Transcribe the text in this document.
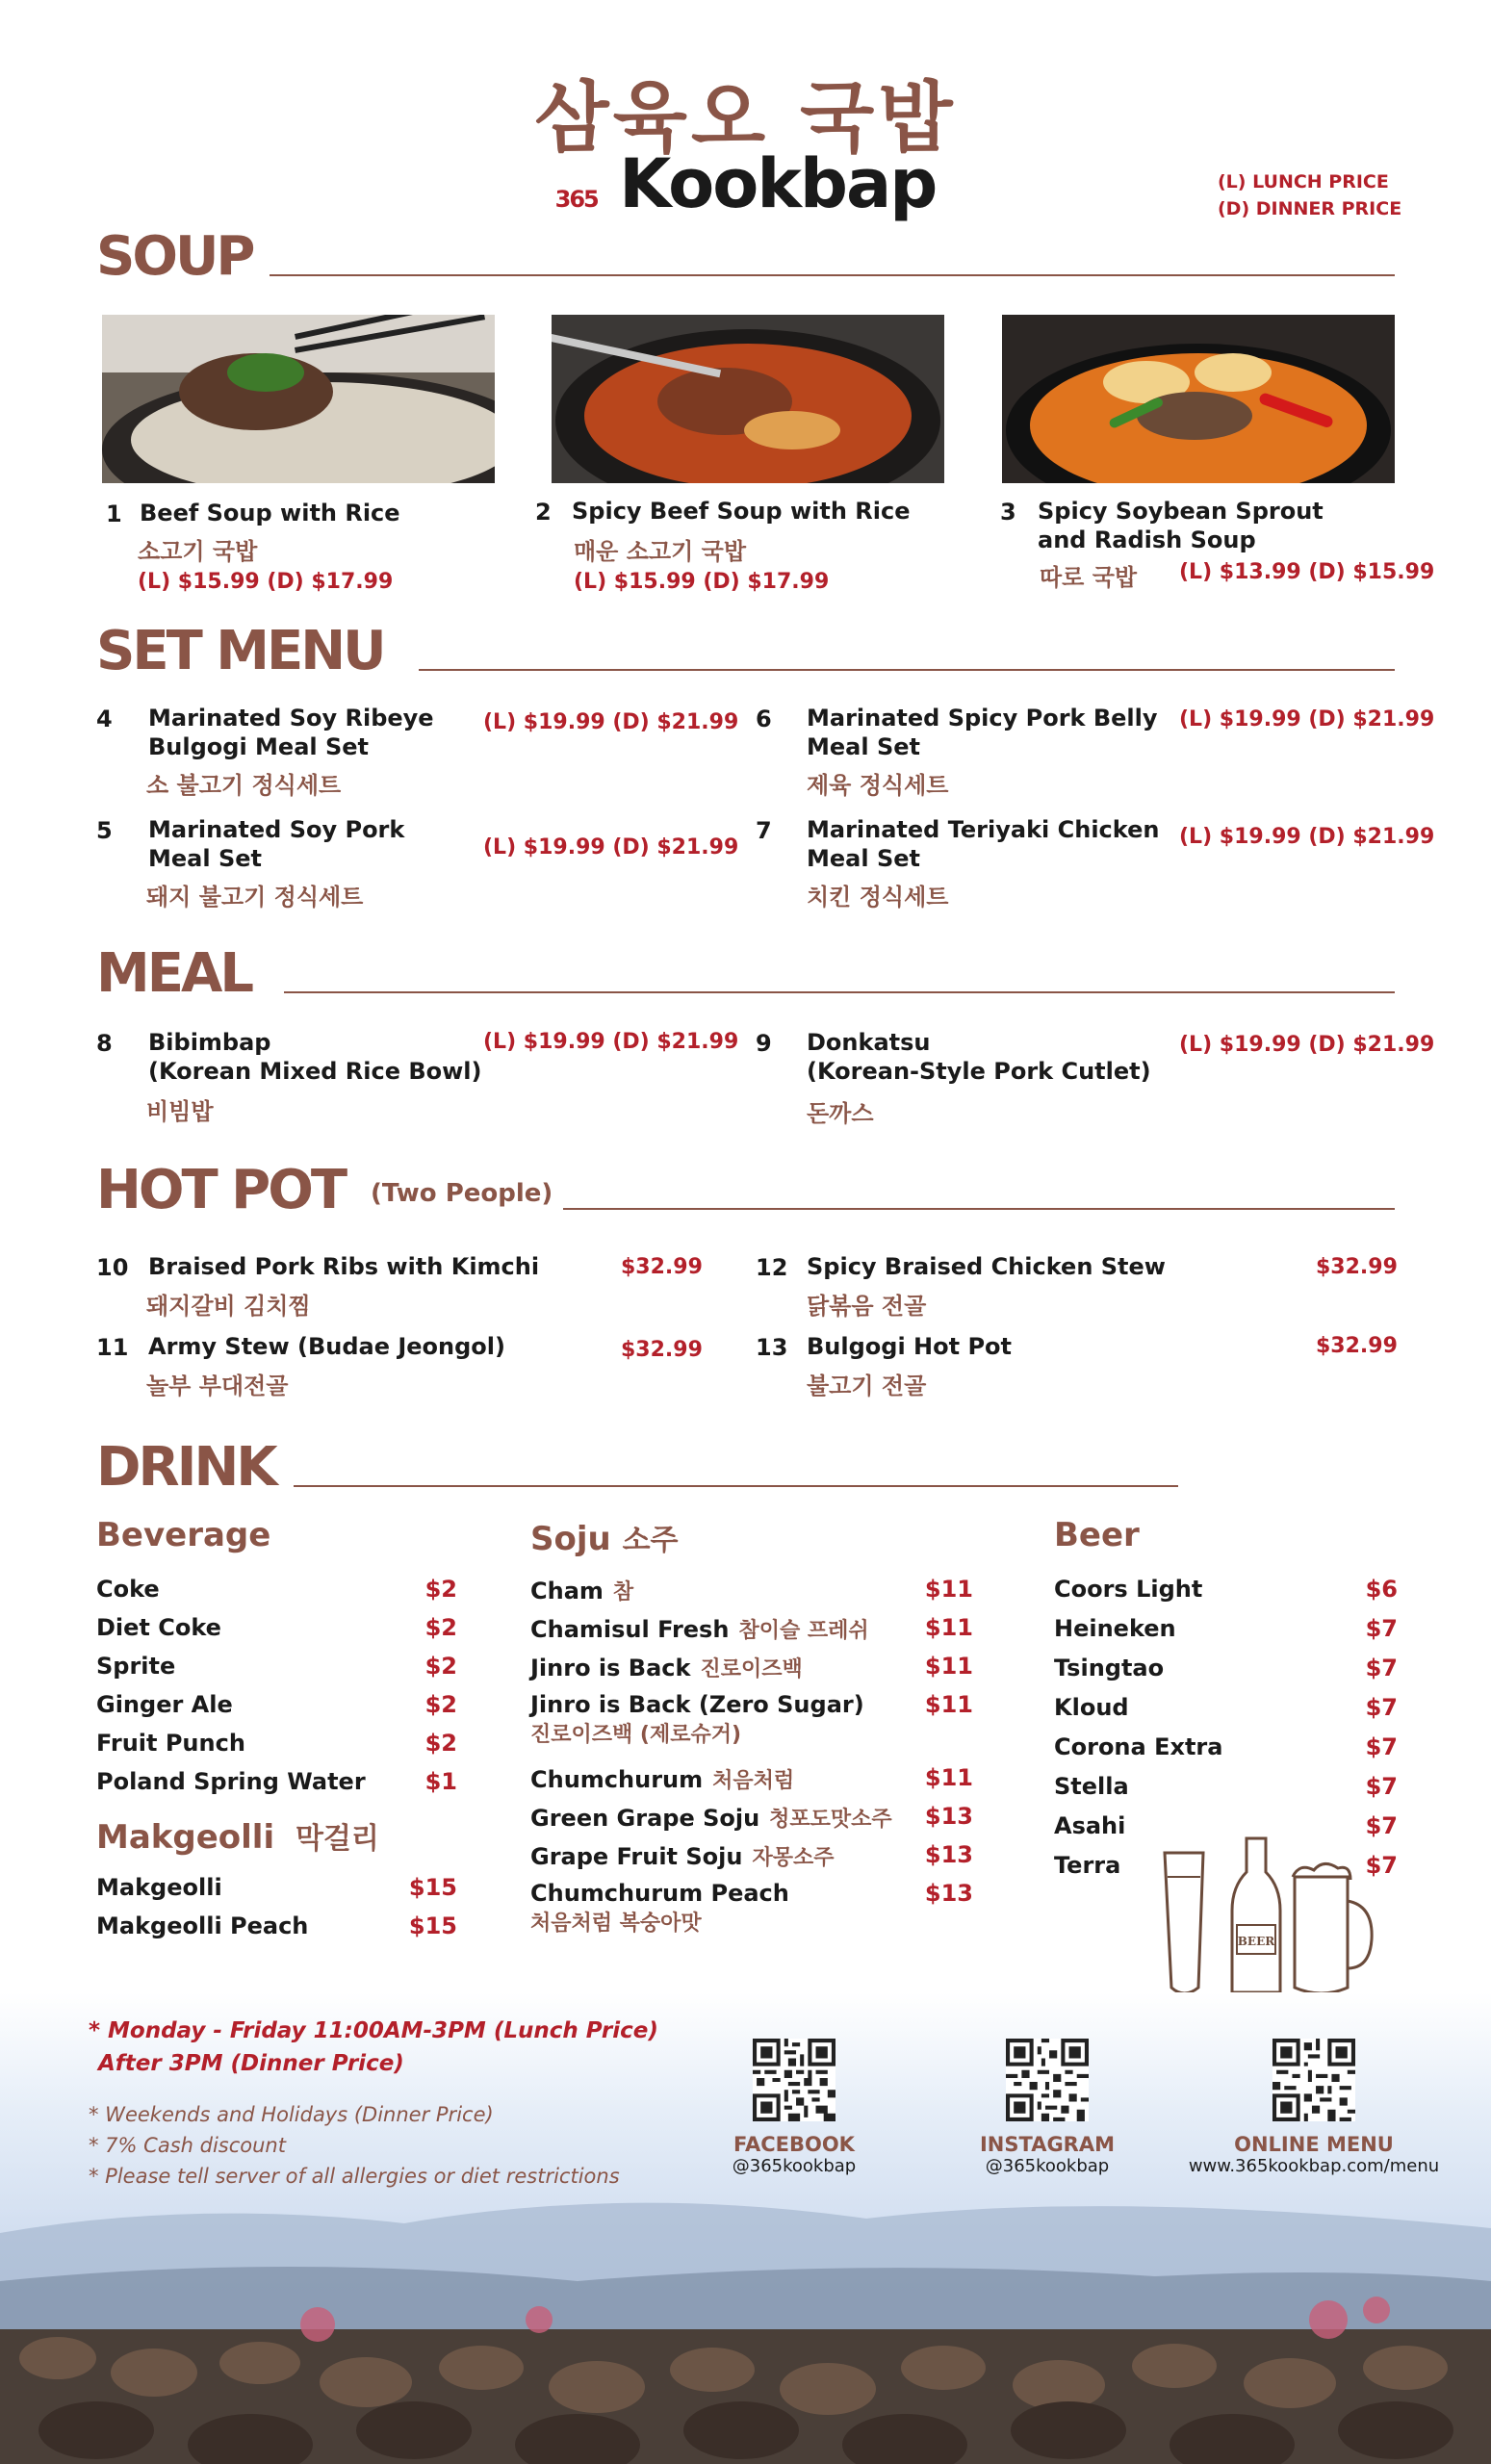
삼육오 국밥
365 Kookbap	(L) LUNCH PRICE
(D) DINNER PRICE
SOUP
1 Beef Soup with Rice
소고기 국밥
(L) $15.99 (D) $17.99
2 Spicy Beef Soup with Rice
매운 소고기 국밥
(L) $15.99 (D) $17.99
3 Spicy Soybean Sprout
and Radish Soup
따로 국밥 (L) $13.99 (D) $15.99
SET MENU
4 Marinated Soy Ribeye
Bulgogi Meal Set
소 불고기 정식세트
(L) $19.99 (D) $21.99
5 Marinated Soy Pork
Meal Set
돼지 불고기 정식세트
(L) $19.99 (D) $21.99
6 Marinated Spicy Pork Belly
Meal Set
제육 정식세트
(L) $19.99 (D) $21.99
7 Marinated Teriyaki Chicken
Meal Set
치킨 정식세트
(L) $19.99 (D) $21.99
MEAL
8 Bibimbap
(Korean Mixed Rice Bowl)
비빔밥
(L) $19.99 (D) $21.99 9 Donkatsu
(Korean-Style Pork Cutlet)
돈까스
(L) $19.99 (D) $21.99
HOT POT (Two People)
10 Braised Pork Ribs with Kimchi
돼지갈비 김치찜
$32.99
11 Army Stew (Budae Jeongol)
놀부 부대전골
$32.99
12 Spicy Braised Chicken Stew
닭볶음 전골
$32.99
13 Bulgogi Hot Pot
불고기 전골
$32.99
DRINK
Beverage
Coke	$2
Diet Coke	$2
Sprite	$2
Ginger Ale	$2
Fruit Punch	$2
Poland Spring Water	$1
Makgeolli 막걸리
Makgeolli	$15
Makgeolli Peach	$15
Soju 소주
Cham 참	$11
Chamisul Fresh 참이슬 프레쉬 $11
Jinro is Back 진로이즈백	$11
Jinro is Back (Zero Sugar)	$11
진로이즈백 (제로슈거)
Chumchurum 처음처럼	$11
Green Grape Soju 청포도맛소주 $13
Grape Fruit Soju 자몽소주	$13
Chumchurum Peach	$13
처음처럼 복숭아맛
Beer
Coors Light	$6
Heineken	$7
Tsingtao	$7
Kloud	$7
Corona Extra	$7
Stella	$7
Asahi	$7
Terra	$7
BEER
* Monday - Friday 11:00AM-3PM (Lunch Price)
After 3PM (Dinner Price)
* Weekends and Holidays (Dinner Price)
* 7% Cash discount
* Please tell server of all allergies or diet restrictions
FACEBOOK
@365kookbap
INSTAGRAM
@365kookbap
ONLINE MENU
www.365kookbap.com/menu
